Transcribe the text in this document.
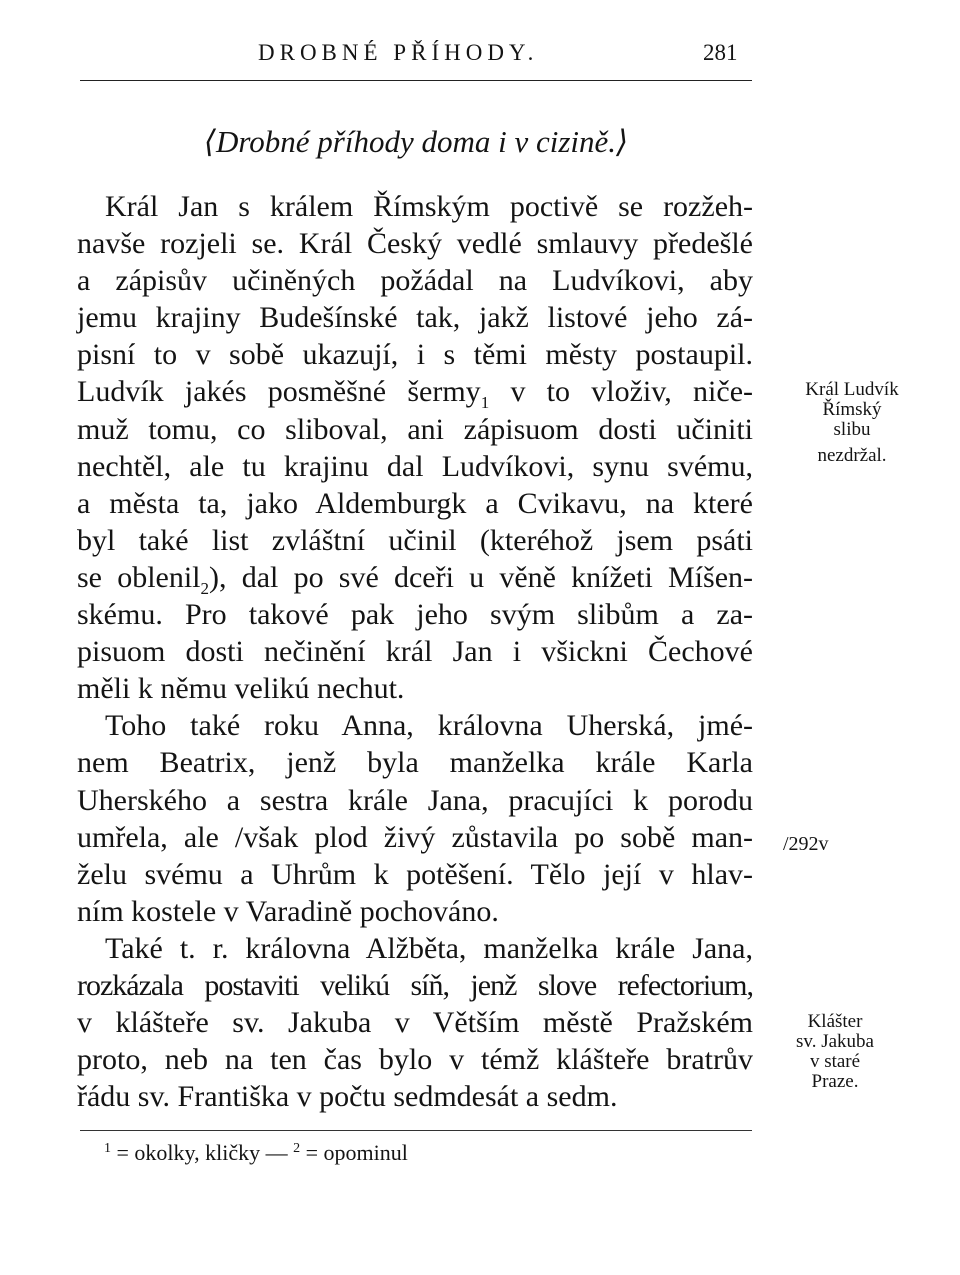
DROBNÉ PŘÍHODY.	281
⟨Drobné příhody doma i v cizině.⟩
Král Jan s králem Římským poctivě se rozžeh-
navše rozjeli se. Král Český vedlé smlauvy předešlé
a zápisův učiněných požádal na Ludvíkovi, aby
jemu krajiny Budešínské tak, jakž listové jeho zá-
pisní to v sobě ukazují, i s těmi městy postaupil.
Ludvík jakés posměšné šermy$_1$ v to vloživ, niče-
muž tomu, co sliboval, ani zápisuom dosti učiniti
nechtěl, ale tu krajinu dal Ludvíkovi, synu svému,
a města ta, jako Aldemburgk a Cvikavu, na které
byl také list zvláštní učinil (kteréhož jsem psáti
se oblenil$_2$), dal po své dceři u věně knížeti Míšen-
skému. Pro takové pak jeho svým slibům a za-
pisuom dosti nečinění král Jan i všickni Čechové
měli k němu velikú nechut.
Toho také roku Anna, královna Uherská, jmé-
nem Beatrix, jenž byla manželka krále Karla
Uherského a sestra krále Jana, pracujíci k porodu
umřela, ale /však plod živý zůstavila po sobě man-
želu svému a Uhrům k potěšení. Tělo její v hlav-
ním kostele v Varadině pochováno.
Také t. r. královna Alžběta, manželka krále Jana,
rozkázala postaviti velikú síň, jenž slove refectorium,
v klášteře sv. Jakuba v Větším městě Pražském
proto, neb na ten čas bylo v témž klášteře bratrův
řádu sv. Františka v počtu sedmdesát a sedm.
Král Ludvík
Římský
slibu
nezdržal.
/292v
Klášter
sv. Jakuba
v staré
Praze.
$^1$ = okolky, kličky — $^2$ = opominul
